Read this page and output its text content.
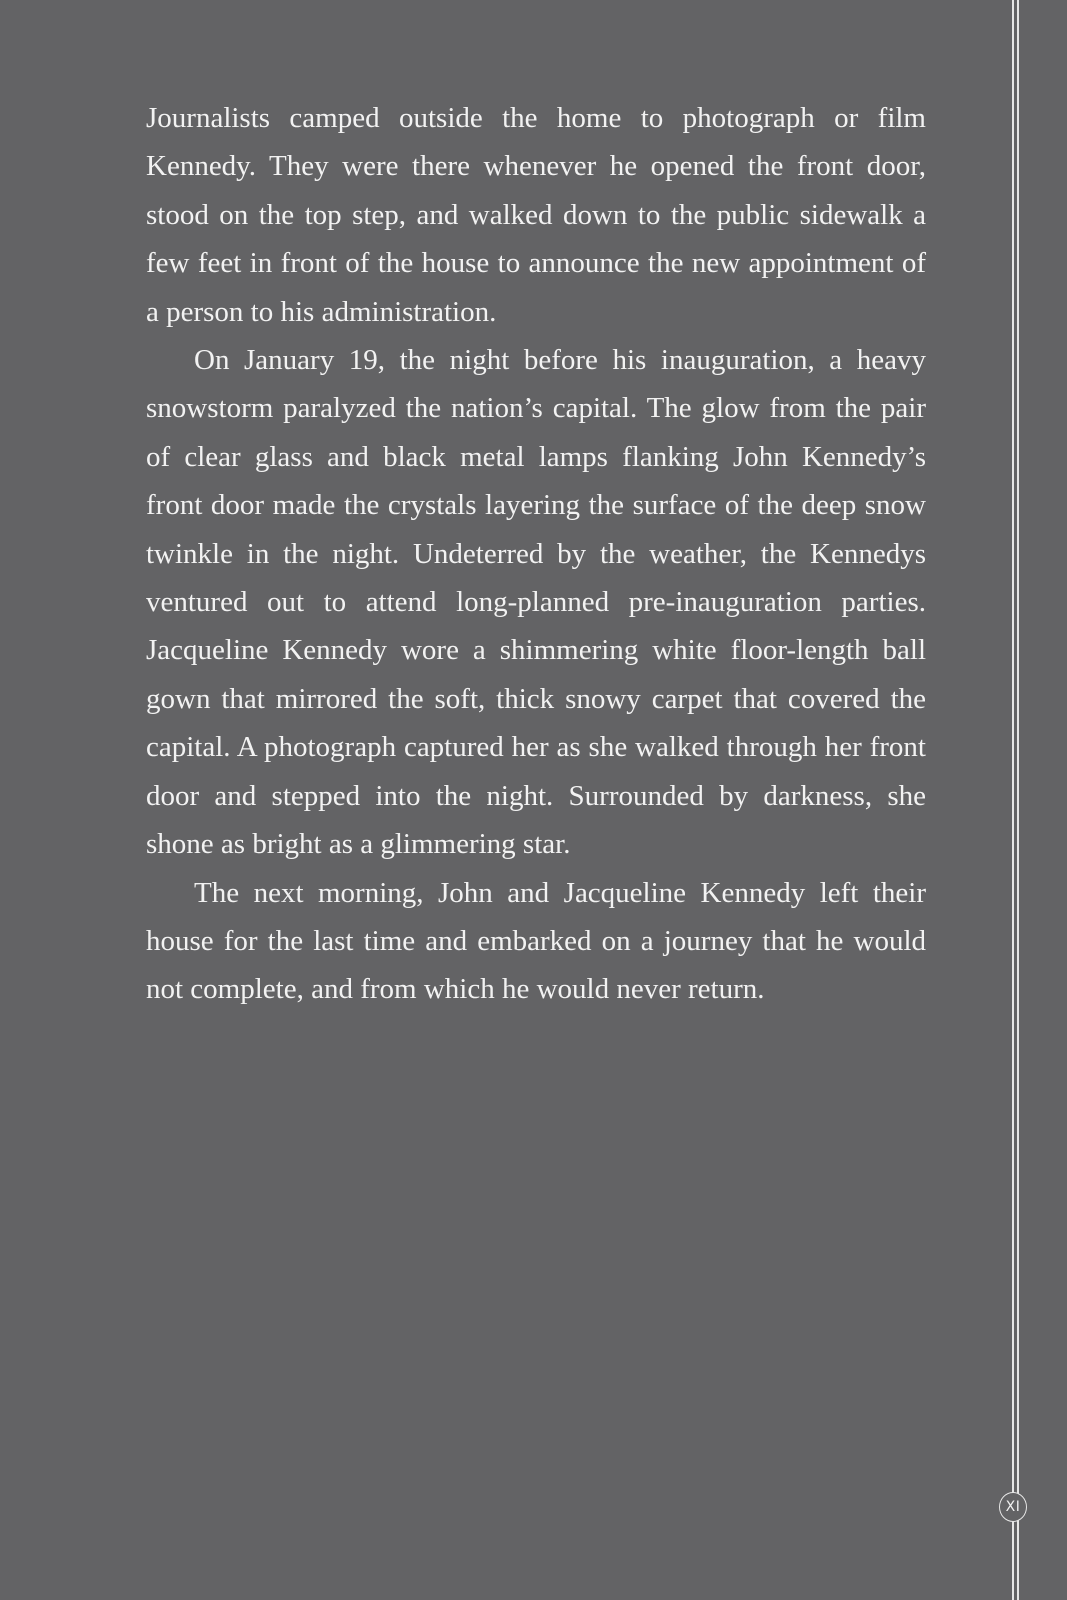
Journalists camped outside the home to photograph or film Kennedy. They were there whenever he opened the front door, stood on the top step, and walked down to the public sidewalk a few feet in front of the house to announce the new appointment of a person to his administration.

On January 19, the night before his inauguration, a heavy snowstorm paralyzed the nation’s capital. The glow from the pair of clear glass and black metal lamps flanking John Kennedy’s front door made the crystals layering the surface of the deep snow twinkle in the night. Undeterred by the weather, the Kennedys ventured out to attend long-planned pre-inauguration parties. Jacqueline Kennedy wore a shimmering white floor-length ball gown that mirrored the soft, thick snowy carpet that covered the capital. A photograph captured her as she walked through her front door and stepped into the night. Surrounded by darkness, she shone as bright as a glimmering star.

The next morning, John and Jacqueline Kennedy left their house for the last time and embarked on a journey that he would not complete, and from which he would never return.

XI
